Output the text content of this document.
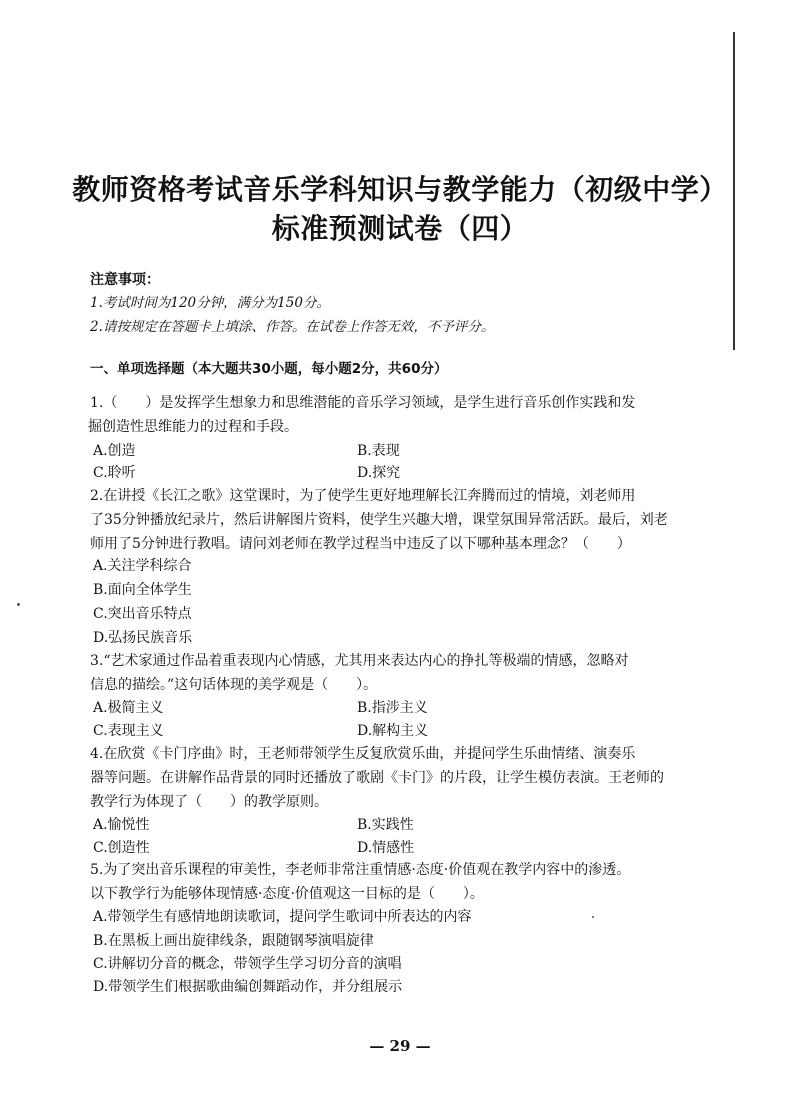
教师资格考试音乐学科知识与教学能力（初级中学）
标准预测试卷（四）
注意事项：
1.考试时间为120分钟，满分为150分。
2.请按规定在答题卡上填涂、作答。在试卷上作答无效，不予评分。
一、单项选择题（本大题共30小题，每小题2分，共60分）
1.（　　）是发挥学生想象力和思维潜能的音乐学习领域，是学生进行音乐创作实践和发
掘创造性思维能力的过程和手段。
A.创造	B.表现
C.聆听	D.探究
2.在讲授《长江之歌》这堂课时，为了使学生更好地理解长江奔腾而过的情境，刘老师用
了35分钟播放纪录片，然后讲解图片资料，使学生兴趣大增，课堂氛围异常活跃。最后，刘老
师用了5分钟进行教唱。请问刘老师在教学过程当中违反了以下哪种基本理念？（　　）
A.关注学科综合
B.面向全体学生
C.突出音乐特点
D.弘扬民族音乐
3.“艺术家通过作品着重表现内心情感，尤其用来表达内心的挣扎等极端的情感，忽略对
信息的描绘。”这句话体现的美学观是（　　）。
A.极简主义	B.指涉主义
C.表现主义	D.解构主义
4.在欣赏《卡门序曲》时，王老师带领学生反复欣赏乐曲，并提问学生乐曲情绪、演奏乐
器等问题。在讲解作品背景的同时还播放了歌剧《卡门》的片段，让学生模仿表演。王老师的
教学行为体现了（　　）的教学原则。
A.愉悦性	B.实践性
C.创造性	D.情感性
5.为了突出音乐课程的审美性，李老师非常注重情感·态度·价值观在教学内容中的渗透。
以下教学行为能够体现情感·态度·价值观这一目标的是（　　）。
A.带领学生有感情地朗读歌词，提问学生歌词中所表达的内容
B.在黑板上画出旋律线条，跟随钢琴演唱旋律
C.讲解切分音的概念，带领学生学习切分音的演唱
D.带领学生们根据歌曲编创舞蹈动作，并分组展示
— 29 —
